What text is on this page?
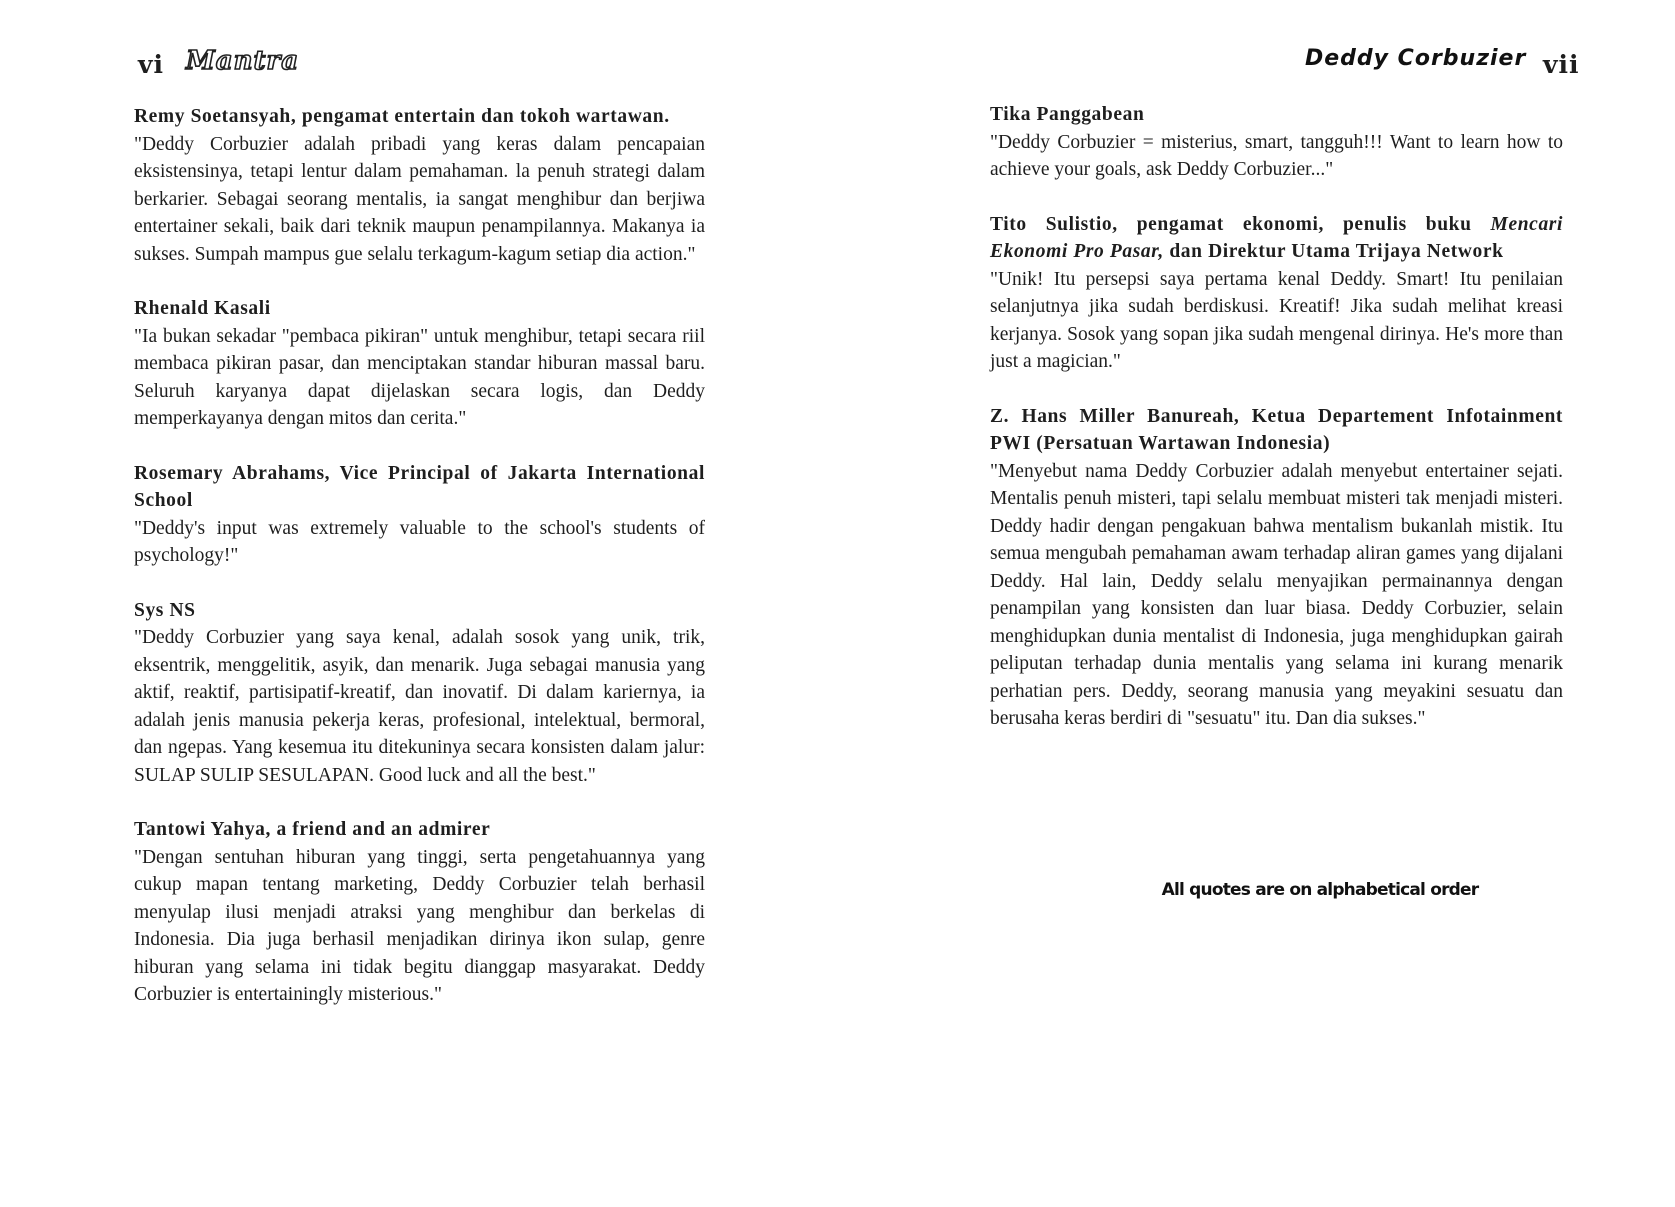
vi Mantra	Deddy Corbuzier vii
Remy Soetansyah, pengamat entertain dan tokoh wartawan.
"Deddy Corbuzier adalah pribadi yang keras dalam pencapaian eksistensinya, tetapi lentur dalam pemahaman. la penuh strategi dalam berkarier. Sebagai seorang mentalis, ia sangat menghibur dan berjiwa entertainer sekali, baik dari teknik maupun penampilannya. Makanya ia sukses. Sumpah mampus gue selalu terkagum-kagum setiap dia action."
Rhenald Kasali
"Ia bukan sekadar "pembaca pikiran" untuk menghibur, tetapi secara riil membaca pikiran pasar, dan menciptakan standar hiburan massal baru. Seluruh karyanya dapat dijelaskan secara logis, dan Deddy memperkayanya dengan mitos dan cerita."
Rosemary Abrahams, Vice Principal of Jakarta International School
"Deddy's input was extremely valuable to the school's students of psychology!"
Sys NS
"Deddy Corbuzier yang saya kenal, adalah sosok yang unik, trik, eksentrik, menggelitik, asyik, dan menarik. Juga sebagai manusia yang aktif, reaktif, partisipatif-kreatif, dan inovatif. Di dalam kariernya, ia adalah jenis manusia pekerja keras, profesional, intelektual, bermoral, dan ngepas. Yang kesemua itu ditekuninya secara konsisten dalam jalur: SULAP SULIP SESULAPAN. Good luck and all the best."
Tantowi Yahya, a friend and an admirer
"Dengan sentuhan hiburan yang tinggi, serta pengetahuannya yang cukup mapan tentang marketing, Deddy Corbuzier telah berhasil menyulap ilusi menjadi atraksi yang menghibur dan berkelas di Indonesia. Dia juga berhasil menjadikan dirinya ikon sulap, genre hiburan yang selama ini tidak begitu dianggap masyarakat. Deddy Corbuzier is entertainingly misterious."
Tika Panggabean
"Deddy Corbuzier = misterius, smart, tangguh!!! Want to learn how to achieve your goals, ask Deddy Corbuzier..."
Tito Sulistio, pengamat ekonomi, penulis buku Mencari Ekonomi Pro Pasar, dan Direktur Utama Trijaya Network
"Unik! Itu persepsi saya pertama kenal Deddy. Smart! Itu penilaian selanjutnya jika sudah berdiskusi. Kreatif! Jika sudah melihat kreasi kerjanya. Sosok yang sopan jika sudah mengenal dirinya. He's more than just a magician."
Z. Hans Miller Banureah, Ketua Departement Infotainment PWI (Persatuan Wartawan Indonesia)
"Menyebut nama Deddy Corbuzier adalah menyebut entertainer sejati. Mentalis penuh misteri, tapi selalu membuat misteri tak menjadi misteri. Deddy hadir dengan pengakuan bahwa mentalism bukanlah mistik. Itu semua mengubah pemahaman awam terhadap aliran games yang dijalani Deddy. Hal lain, Deddy selalu menyajikan permainannya dengan penampilan yang konsisten dan luar biasa. Deddy Corbuzier, selain menghidupkan dunia mentalist di Indonesia, juga menghidupkan gairah peliputan terhadap dunia mentalis yang selama ini kurang menarik perhatian pers. Deddy, seorang manusia yang meyakini sesuatu dan berusaha keras berdiri di "sesuatu" itu. Dan dia sukses."
All quotes are on alphabetical order
